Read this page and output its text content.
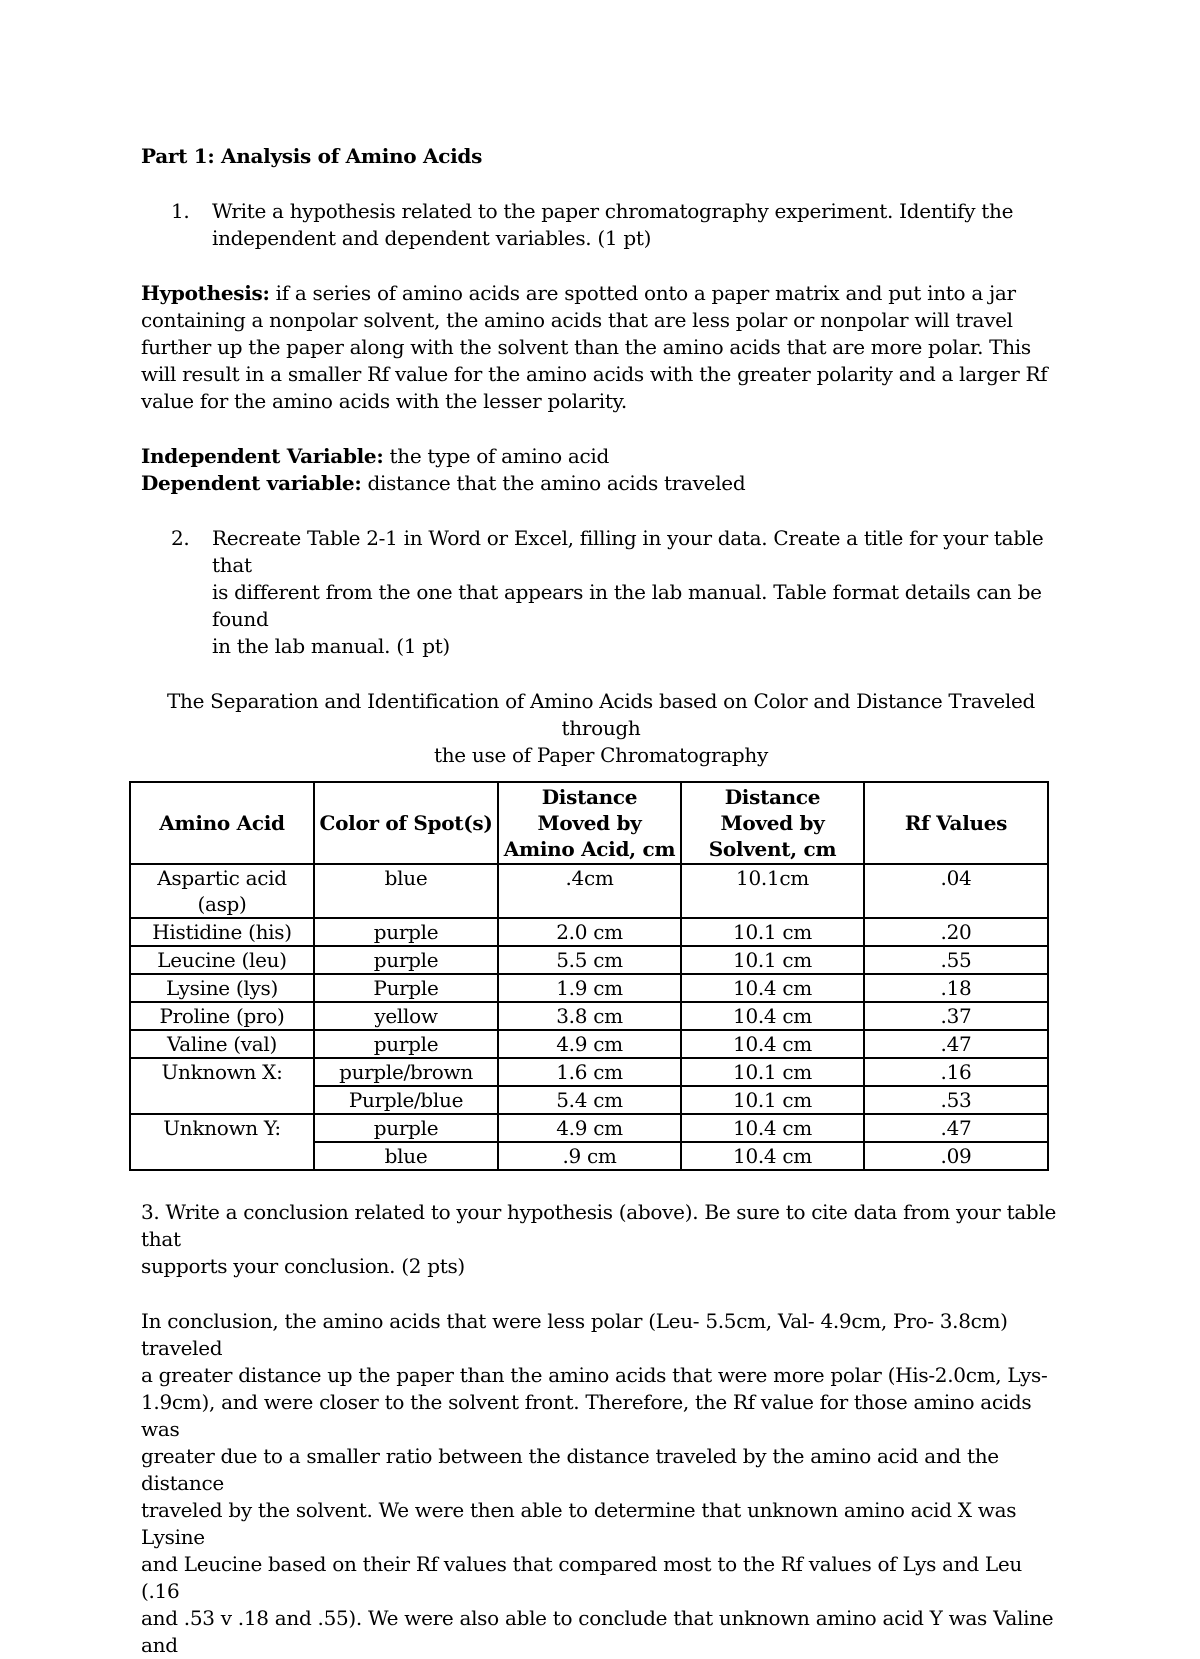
Part 1: Analysis of Amino Acids

1.	Write a hypothesis related to the paper chromatography experiment. Identify the
independent and dependent variables. (1 pt)

Hypothesis: if a series of amino acids are spotted onto a paper matrix and put into a jar containing a nonpolar solvent, the amino acids that are less polar or nonpolar will travel further up the paper along with the solvent than the amino acids that are more polar. This will result in a smaller Rf value for the amino acids with the greater polarity and a larger Rf value for the amino acids with the lesser polarity.

Independent Variable: the type of amino acid

Dependent variable: distance that the amino acids traveled

2.	Recreate Table 2-1 in Word or Excel, filling in your data. Create a title for your table that
is different from the one that appears in the lab manual. Table format details can be found
in the lab manual. (1 pt)

The Separation and Identification of Amino Acids based on Color and Distance Traveled through
the use of Paper Chromatography

Amino Acid	Color of Spot(s)	Distance Moved by Amino Acid, cm	Distance Moved by Solvent, cm	Rf Values
Aspartic acid (asp)	blue	.4cm	10.1cm	.04
Histidine (his)	purple	2.0 cm	10.1 cm	.20
Leucine (leu)	purple	5.5 cm	10.1 cm	.55
Lysine (lys)	Purple	1.9 cm	10.4 cm	.18
Proline (pro)	yellow	3.8 cm	10.4 cm	.37
Valine (val)	purple	4.9 cm	10.4 cm	.47
Unknown X:	purple/brown	1.6 cm	10.1 cm	.16
	Purple/blue	5.4 cm	10.1 cm	.53
Unknown Y:	purple	4.9 cm	10.4 cm	.47
	blue	.9 cm	10.4 cm	.09

3. Write a conclusion related to your hypothesis (above). Be sure to cite data from your table that
supports your conclusion. (2 pts)

In conclusion, the amino acids that were less polar (Leu- 5.5cm, Val- 4.9cm, Pro- 3.8cm) traveled
a greater distance up the paper than the amino acids that were more polar (His-2.0cm, Lys-
1.9cm), and were closer to the solvent front. Therefore, the Rf value for those amino acids was
greater due to a smaller ratio between the distance traveled by the amino acid and the distance
traveled by the solvent. We were then able to determine that unknown amino acid X was Lysine
and Leucine based on their Rf values that compared most to the Rf values of Lys and Leu (.16
and .53 v .18 and .55). We were also able to conclude that unknown amino acid Y was Valine and
